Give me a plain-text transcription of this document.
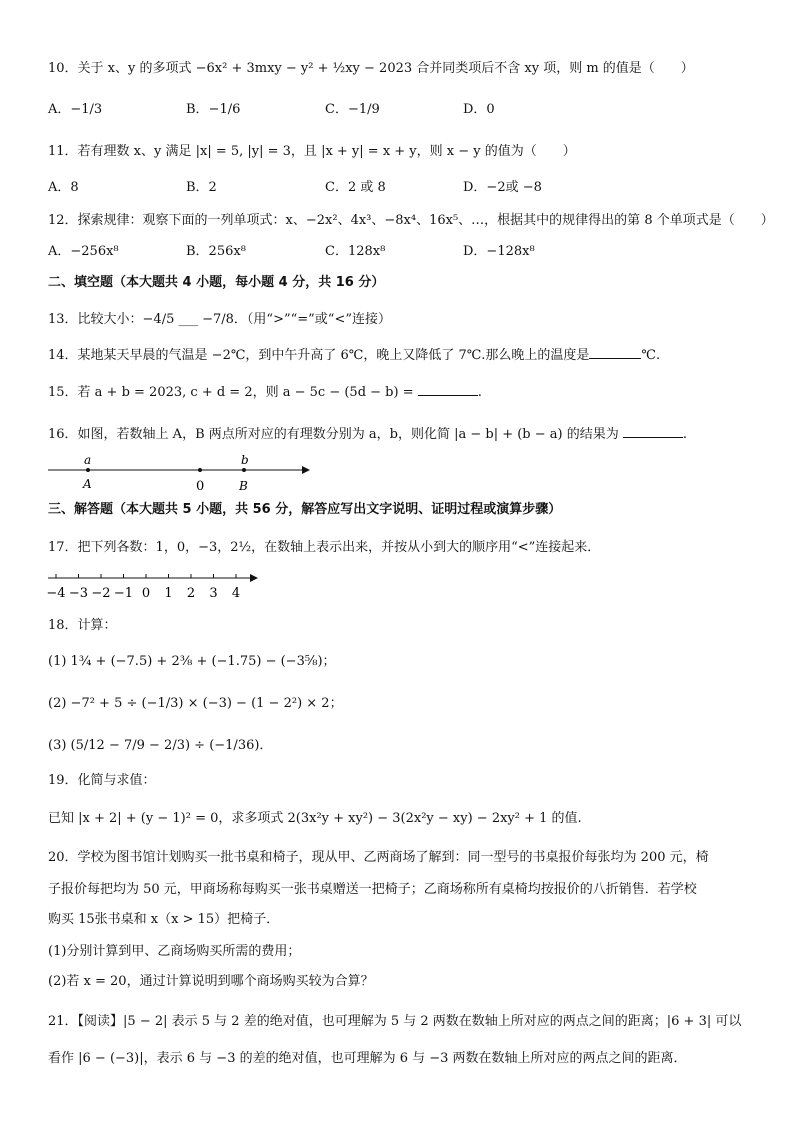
10．关于 x、y 的多项式 −6x² + 3mxy − y² + ½xy − 2023 合并同类项后不含 xy 项，则 m 的值是（　　）
A．−1/3	B．−1/6	C．−1/9	D．0
11．若有理数 x、y 满足 |x| = 5, |y| = 3，且 |x + y| = x + y，则 x − y 的值为（　　）
A．8	B．2	C．2 或 8	D．−2或 −8
12．探索规律：观察下面的一列单项式：x、−2x²、4x³、−8x⁴、16x⁵、…，根据其中的规律得出的第 8 个单项式是（　　）
A．−256x⁸	B．256x⁸	C．128x⁸	D．−128x⁸
二、填空题（本大题共 4 小题，每小题 4 分，共 16 分）
13．比较大小：−4/5 ___ −7/8．（用“>”“=”或“<”连接）
14．某地某天早晨的气温是 −2℃，到中午升高了 6℃，晚上又降低了 7℃.那么晚上的温度是	℃.
15．若 a + b = 2023, c + d = 2，则 a − 5c − (5d − b) =	.
16．如图，若数轴上 A，B 两点所对应的有理数分别为 a，b，则化简 |a − b| + (b − a) 的结果为	.
a
A	0
b
B
三、解答题（本大题共 5 小题，共 56 分，解答应写出文字说明、证明过程或演算步骤）
17．把下列各数：1，0，−3，2½，在数轴上表示出来，并按从小到大的顺序用“<”连接起来．
−4 −3 −2 −1 0 1 2 3 4
18．计算：
(1) 1¾ + (−7.5) + 2⅜ + (−1.75) − (−3⅝)；
(2) −7² + 5 ÷ (−1/3) × (−3) − (1 − 2²) × 2；
(3) (5/12 − 7/9 − 2/3) ÷ (−1/36)．
19．化简与求值：
已知 |x + 2| + (y − 1)² = 0，求多项式 2(3x²y + xy²) − 3(2x²y − xy) − 2xy² + 1 的值.
20．学校为图书馆计划购买一批书桌和椅子，现从甲、乙两商场了解到：同一型号的书桌报价每张均为 200 元，椅
子报价每把均为 50 元，甲商场称每购买一张书桌赠送一把椅子；乙商场称所有桌椅均按报价的八折销售．若学校
购买 15张书桌和 x（x > 15）把椅子．
(1)分别计算到甲、乙商场购买所需的费用；
(2)若 x = 20，通过计算说明到哪个商场购买较为合算？
21．【阅读】|5 − 2| 表示 5 与 2 差的绝对值，也可理解为 5 与 2 两数在数轴上所对应的两点之间的距离；|6 + 3| 可以
看作 |6 − (−3)|，表示 6 与 −3 的差的绝对值，也可理解为 6 与 −3 两数在数轴上所对应的两点之间的距离．
